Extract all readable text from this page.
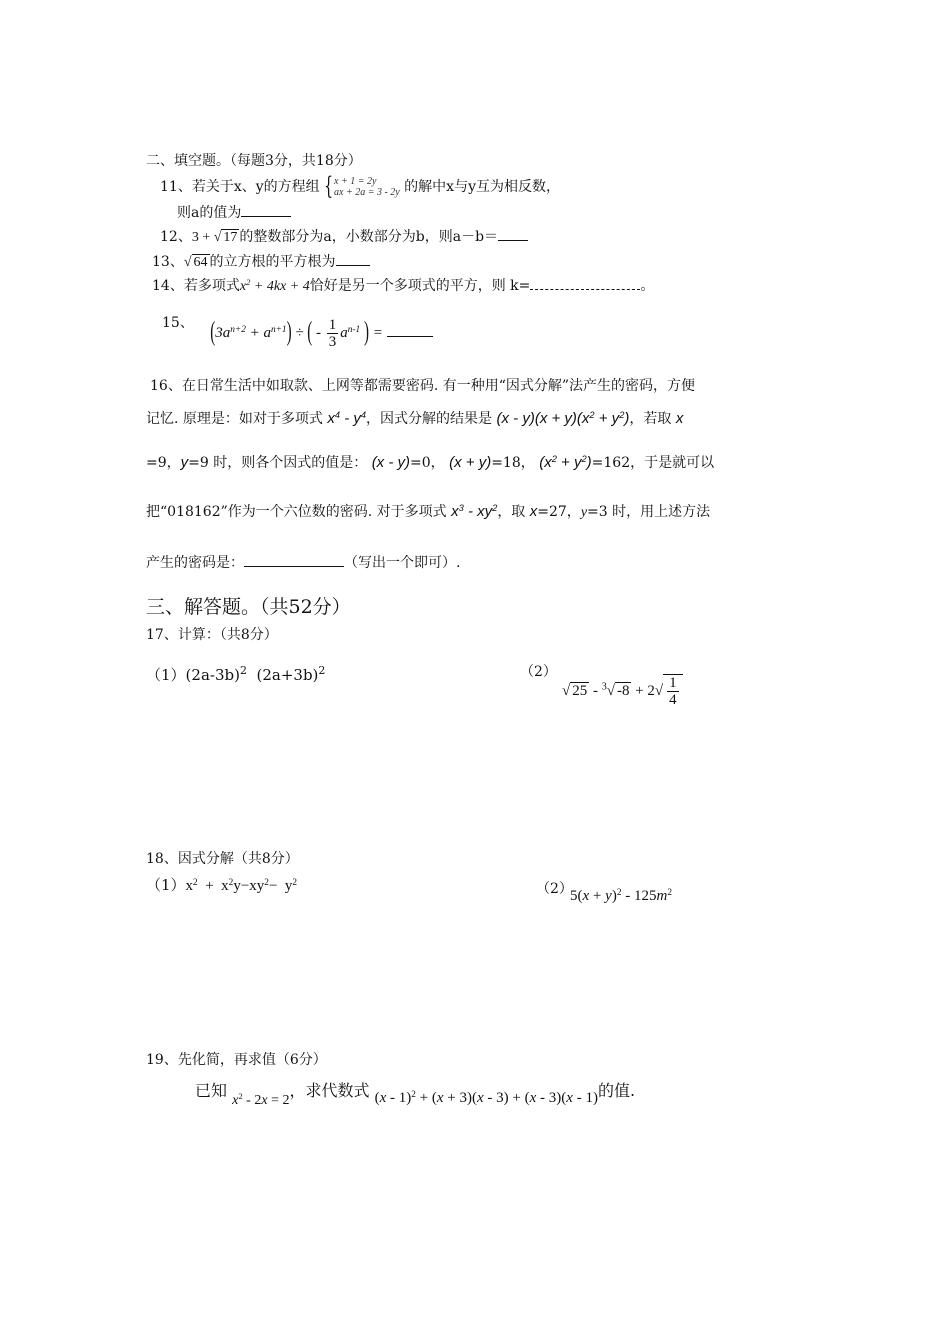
二、填空题。（每题3分，共18分）
11、若关于x、y的方程组 { x + 1 = 2y
ax + 2a = 3 - 2y 的解中x与y互为相反数，
则a的值为
12、3 + √ 17 的整数部分为a，小数部分为b，则a－b＝
13、√ 64 的立方根的平方根为
14、若多项式$x^2 + 4kx + 4$恰好是另一个多项式的平方，则 k=	。
15、 $(3a^{n+2} + a^{n+1})$ ÷ ( - $\frac{1}{3} a^{n-1}$ ) =
16、在日常生活中如取款、上网等都需要密码. 有一种用“因式分解”法产生的密码，方便
记忆. 原理是：如对于多项式 $x^4 - y^4$，因式分解的结果是 $(x - y)(x + y)(x^2 + y^2)$，若取 x
=9，y=9 时，则各个因式的值是： (x - y)=0， (x + y)=18， $(x^2 + y^2)=162$，于是就可以
把“018162”作为一个六位数的密码. 对于多项式 $x^3 - xy^2$，取 x=27，y=3 时，用上述方法
产生的密码是：	（写出一个即可）.
三、解答题。（共52分）
17、计算：（共8分）
$(1)(2a-3b)^2$ $(2a+3b)^2$	（2）
√ 25 - $^3$√ $-8 + 2√ \frac{1}{4}$
18、因式分解（共8分）
$(1)x^2 + x^2y-xy^2- y^2$	（2）
$5(x + y)^2 - 125m^2$
19、先化简，再求值（6分）
已知 $x^2 - 2x = 2$，求代数式 (x - 1)$^2$ + (x + 3)(x - 3) + (x - 3)(x - 1)的值.
